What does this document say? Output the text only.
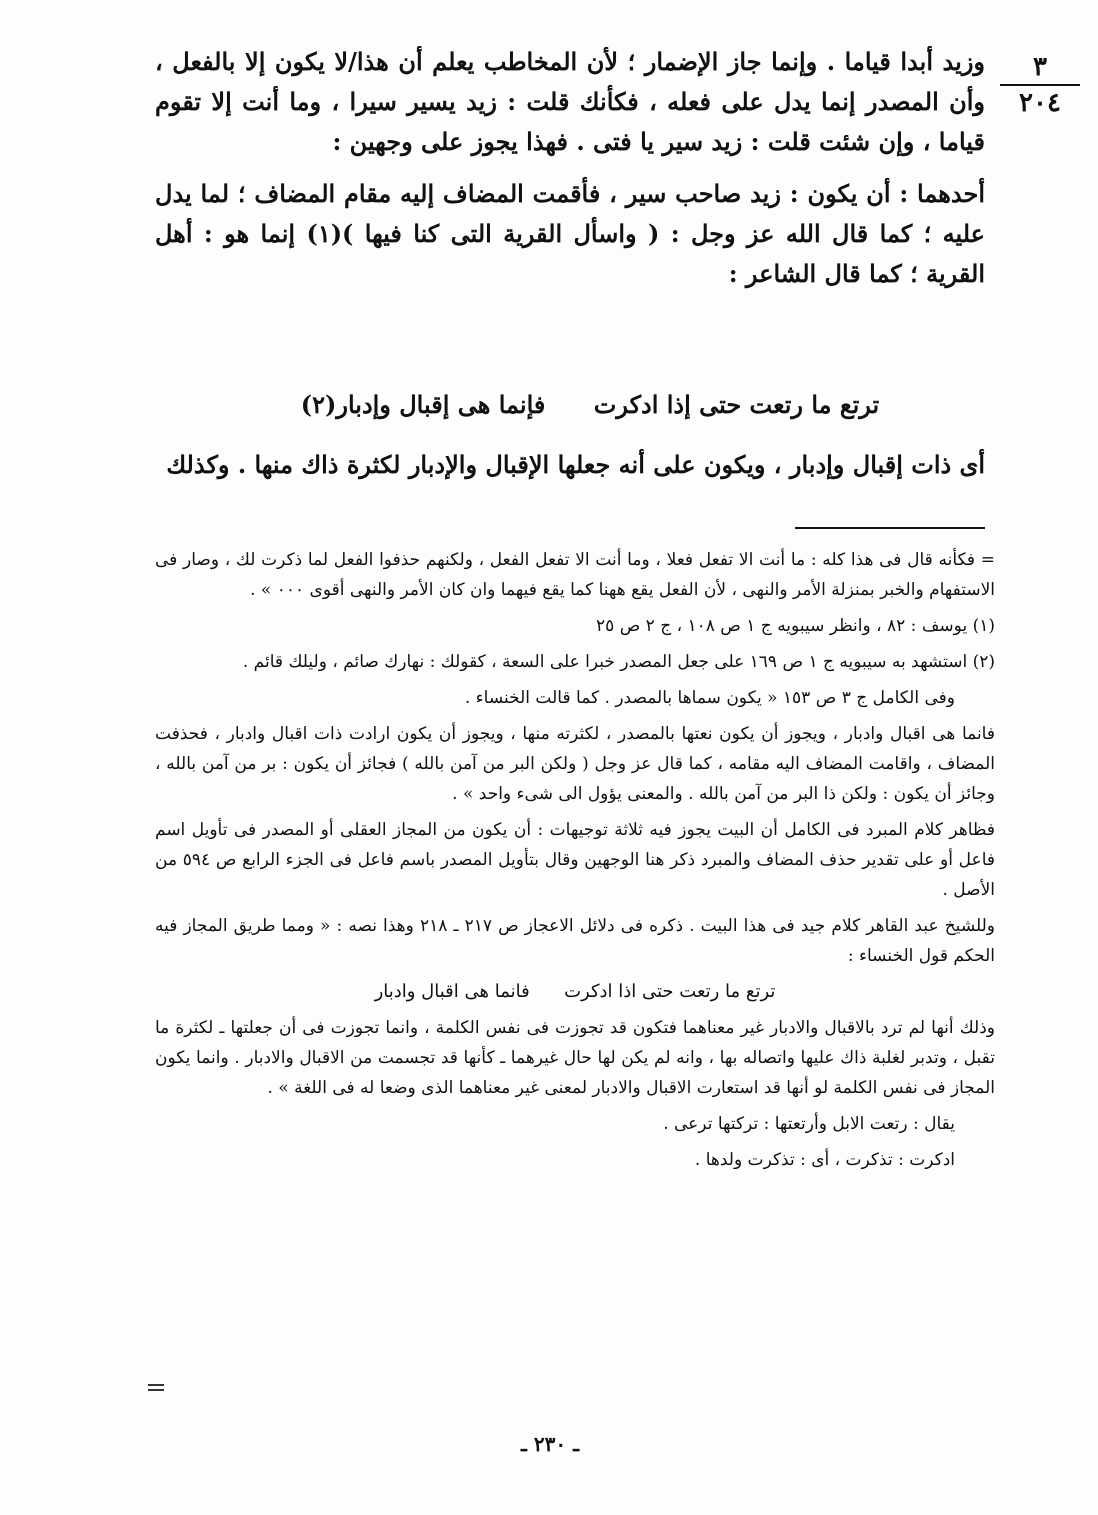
٣
٢٠٤

وزيد أبدا قياما . وإنما جاز الإضمار ؛ لأن المخاطب يعلم أن هذا/لا يكون إلا بالفعل ، وأن المصدر إنما يدل على فعله ، فكأنك قلت : زيد يسير سيرا ، وما أنت إلا تقوم قياما ، وإن شئت قلت : زيد سير يا فتى . فهذا يجوز على وجهين :

أحدهما : أن يكون : زيد صاحب سير ، فأقمت المضاف إليه مقام المضاف ؛ لما يدل عليه ؛ كما قال الله عز وجل : ( واسأل القرية التى كنا فيها )(١) إنما هو : أهل القرية ؛ كما قال الشاعر :

ترتع ما رتعت حتى إذا ادكرت فإنما هى إقبال وإدبار(٢)
أى ذات إقبال وإدبار ، ويكون على أنه جعلها الإقبال والإدبار لكثرة ذاك منها . وكذلك

= فكأنه قال فى هذا كله : ما أنت الا تفعل فعلا ، وما أنت الا تفعل الفعل ، ولكنهم حذفوا الفعل لما ذكرت لك ، وصار فى الاستفهام والخبر بمنزلة الأمر والنهى ، لأن الفعل يقع ههنا كما يقع فيهما وان كان الأمر والنهى أقوى ٠٠٠ » .

(١) يوسف : ٨٢ ، وانظر سيبويه ج ١ ص ١٠٨ ، ج ٢ ص ٢٥

(٢) استشهد به سيبويه ج ١ ص ١٦٩ على جعل المصدر خبرا على السعة ، كقولك : نهارك صائم ، وليلك قائم .

وفى الكامل ج ٣ ص ١٥٣ « يكون سماها بالمصدر . كما قالت الخنساء .

فانما هى اقبال وادبار ، ويجوز أن يكون نعتها بالمصدر ، لكثرته منها ، ويجوز أن يكون ارادت ذات اقبال وادبار ، فحذفت المضاف ، واقامت المضاف اليه مقامه ، كما قال عز وجل ( ولكن البر من آمن بالله ) فجائز أن يكون : بر من آمن بالله ، وجائز أن يكون : ولكن ذا البر من آمن بالله . والمعنى يؤول الى شىء واحد » .

فظاهر كلام المبرد فى الكامل أن البيت يجوز فيه ثلاثة توجيهات : أن يكون من المجاز العقلى أو المصدر فى تأويل اسم فاعل أو على تقدير حذف المضاف والمبرد ذكر هنا الوجهين وقال بتأويل المصدر باسم فاعل فى الجزء الرابع ص ٥٩٤ من الأصل .

وللشيخ عبد القاهر كلام جيد فى هذا البيت . ذكره فى دلائل الاعجاز ص ٢١٧ ـ ٢١٨ وهذا نصه : « ومما طريق المجاز فيه الحكم قول الخنساء :

ترتع ما رتعت حتى اذا ادكرت      فانما هى اقبال وادبار

وذلك أنها لم ترد بالاقبال والادبار غير معناهما فتكون قد تجوزت فى نفس الكلمة ، وانما تجوزت فى أن جعلتها ـ لكثرة ما تقبل ، وتدبر لغلبة ذاك عليها واتصاله بها ، وانه لم يكن لها حال غيرهما ـ كأنها قد تجسمت من الاقبال والادبار . وانما يكون المجاز فى نفس الكلمة لو أنها قد استعارت الاقبال والادبار لمعنى غير معناهما الذى وضعا له فى اللغة » .

يقال : رتعت الابل وأرتعتها : تركتها ترعى .

ادكرت : تذكرت ، أى : تذكرت ولدها .

ـ ٢٣٠ ـ
